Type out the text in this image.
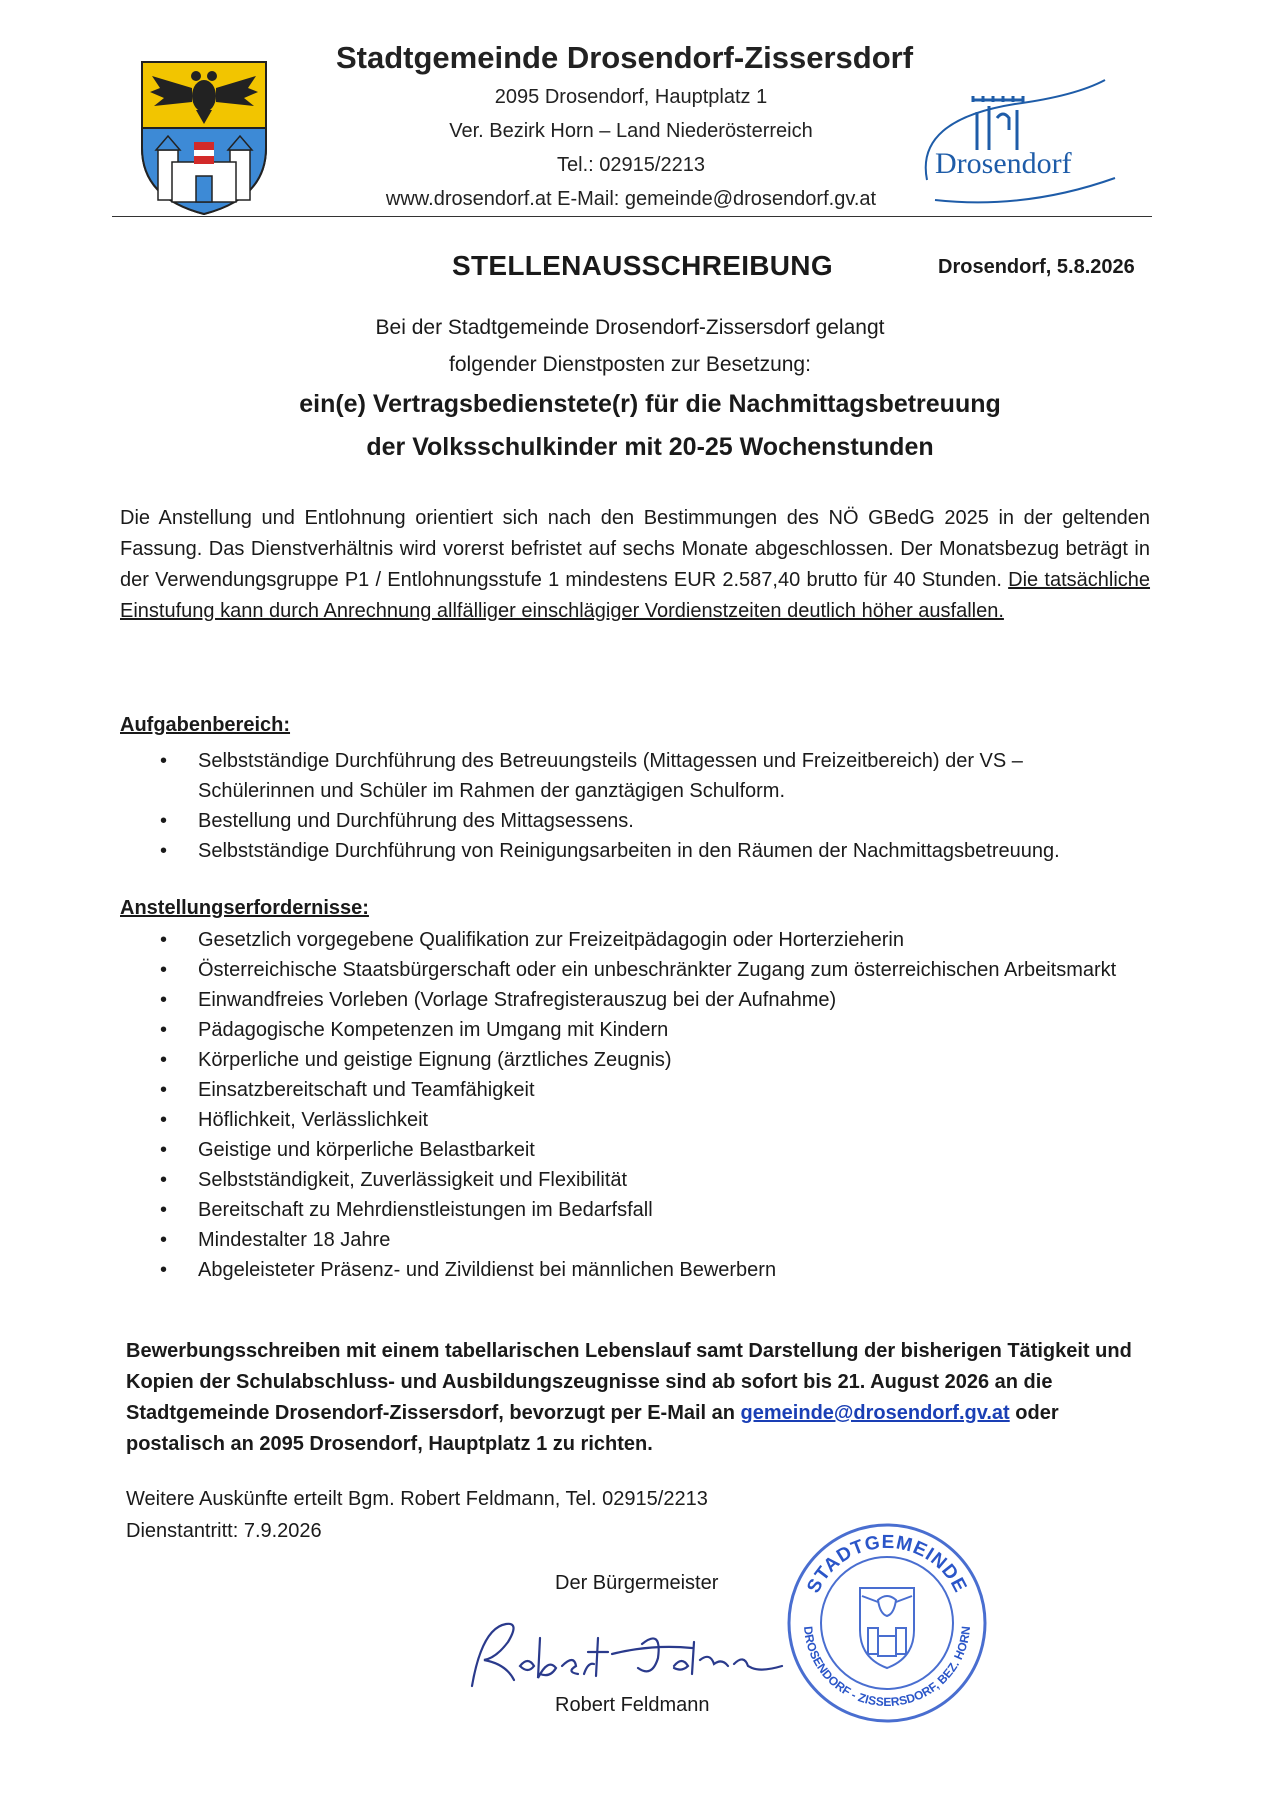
Stadtgemeinde Drosendorf-Zissersdorf
2095 Drosendorf, Hauptplatz 1
Ver. Bezirk Horn – Land Niederösterreich
Tel.: 02915/2213
www.drosendorf.at E-Mail: gemeinde@drosendorf.gv.at
Drosendorf
STELLENAUSSCHREIBUNG	Drosendorf, 5.8.2026
Bei der Stadtgemeinde Drosendorf-Zissersdorf gelangt
folgender Dienstposten zur Besetzung:
ein(e) Vertragsbedienstete(r) für die Nachmittagsbetreuung
der Volksschulkinder mit 20-25 Wochenstunden
Die Anstellung und Entlohnung orientiert sich nach den Bestimmungen des NÖ GBedG 2025 in der geltenden Fassung. Das Dienstverhältnis wird vorerst befristet auf sechs Monate abgeschlossen. Der Monatsbezug beträgt in der Verwendungsgruppe P1 / Entlohnungsstufe 1 mindestens EUR 2.587,40 brutto für 40 Stunden. Die tatsächliche Einstufung kann durch Anrechnung allfälliger einschlägiger Vordienstzeiten deutlich höher ausfallen.
Aufgabenbereich:
• Selbstständige Durchführung des Betreuungsteils (Mittagessen und Freizeitbereich) der VS – Schülerinnen und Schüler im Rahmen der ganztägigen Schulform.
• Bestellung und Durchführung des Mittagsessens.
• Selbstständige Durchführung von Reinigungsarbeiten in den Räumen der Nachmittagsbetreuung.
Anstellungserfordernisse:
• Gesetzlich vorgegebene Qualifikation zur Freizeitpädagogin oder Horterzieherin
• Österreichische Staatsbürgerschaft oder ein unbeschränkter Zugang zum österreichischen Arbeitsmarkt
• Einwandfreies Vorleben (Vorlage Strafregisterauszug bei der Aufnahme)
• Pädagogische Kompetenzen im Umgang mit Kindern
• Körperliche und geistige Eignung (ärztliches Zeugnis)
• Einsatzbereitschaft und Teamfähigkeit
• Höflichkeit, Verlässlichkeit
• Geistige und körperliche Belastbarkeit
• Selbstständigkeit, Zuverlässigkeit und Flexibilität
• Bereitschaft zu Mehrdienstleistungen im Bedarfsfall
• Mindestalter 18 Jahre
• Abgeleisteter Präsenz- und Zivildienst bei männlichen Bewerbern
Bewerbungsschreiben mit einem tabellarischen Lebenslauf samt Darstellung der bisherigen Tätigkeit und Kopien der Schulabschluss- und Ausbildungszeugnisse sind ab sofort bis 21. August 2026 an die Stadtgemeinde Drosendorf-Zissersdorf, bevorzugt per E-Mail an gemeinde@drosendorf.gv.at oder postalisch an 2095 Drosendorf, Hauptplatz 1 zu richten.
Weitere Auskünfte erteilt Bgm. Robert Feldmann, Tel. 02915/2213
Dienstantritt: 7.9.2026
Der Bürgermeister
Robert Feldmann
STADTGEMEINDE
DROSENDORF - ZISSERSDORF, BEZ. HORN
